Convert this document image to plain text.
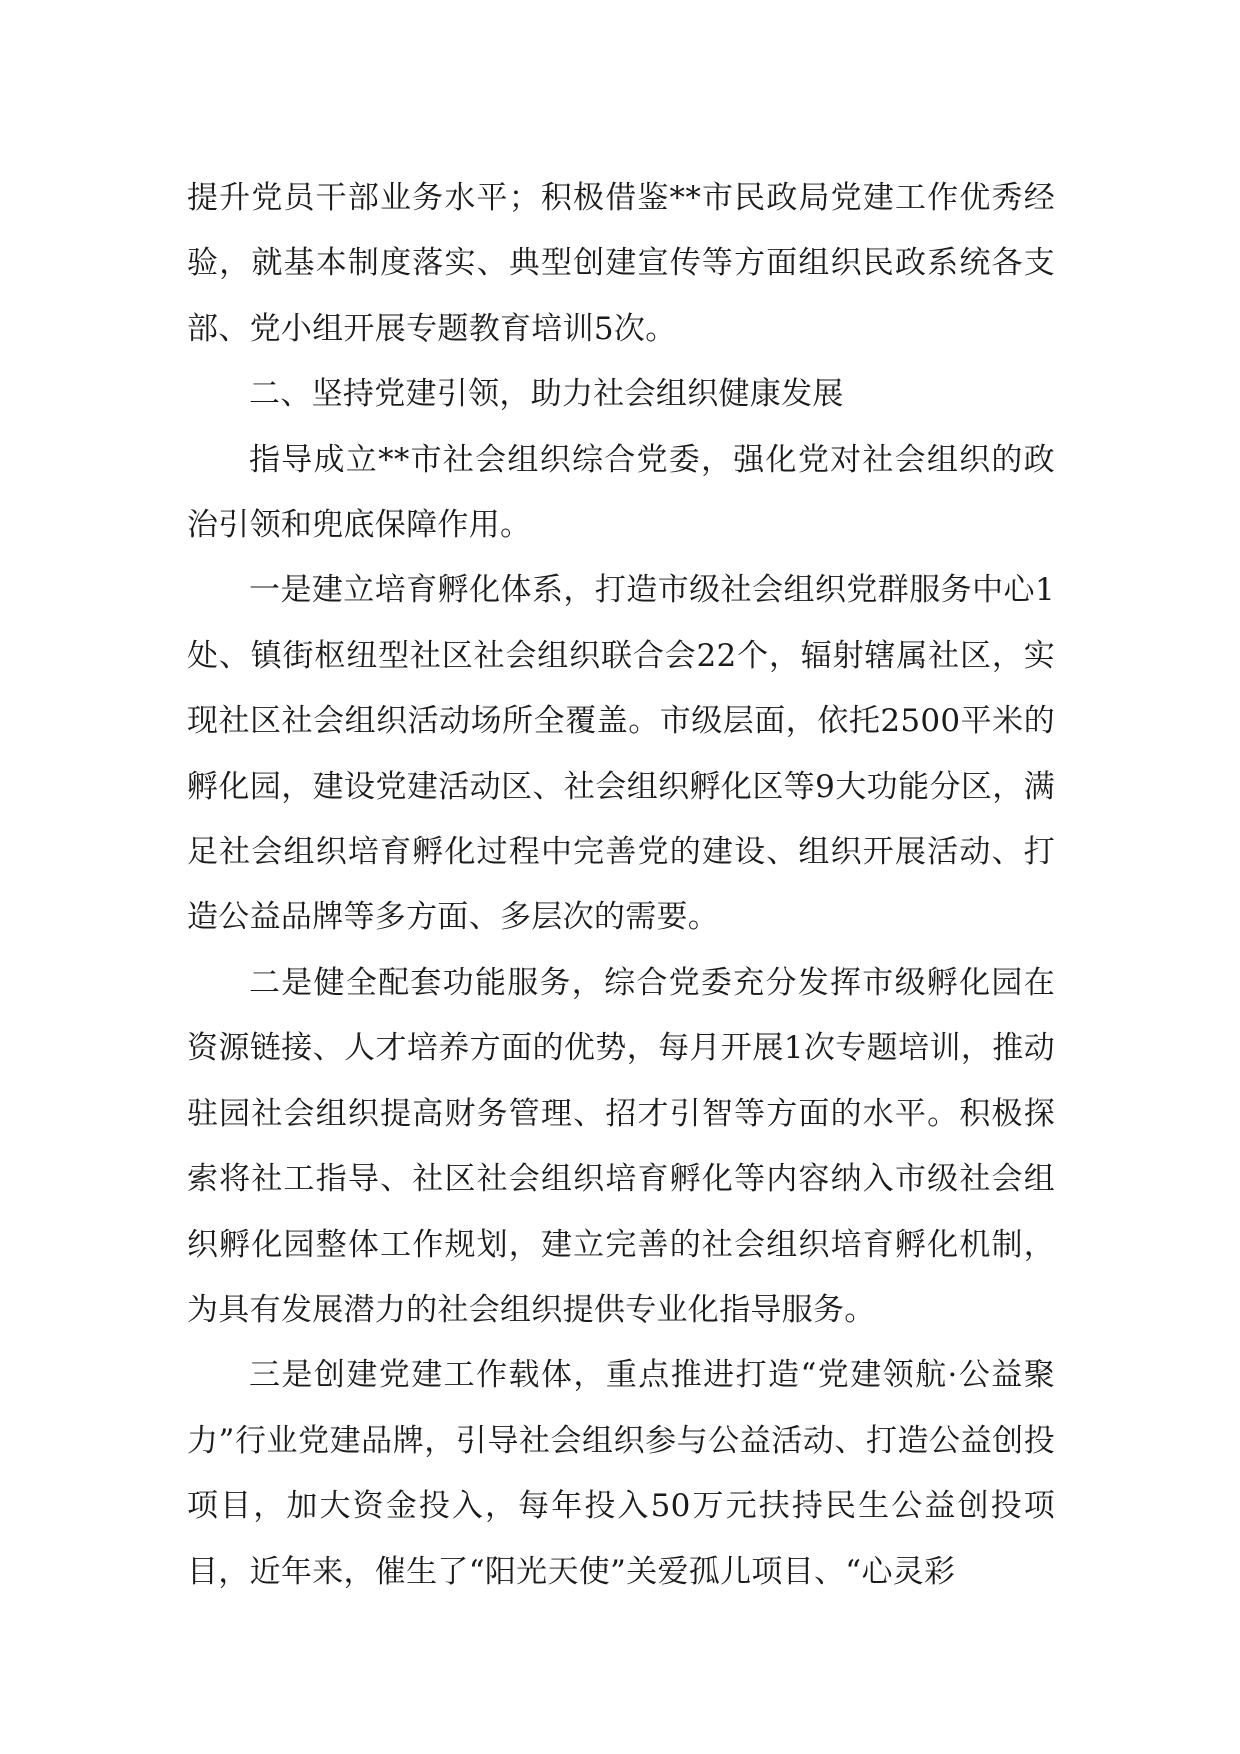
提升党员干部业务水平；积极借鉴**市民政局党建工作优秀经验，就基本制度落实、典型创建宣传等方面组织民政系统各支部、党小组开展专题教育培训5次。

二、坚持党建引领，助力社会组织健康发展

指导成立**市社会组织综合党委，强化党对社会组织的政治引领和兜底保障作用。

一是建立培育孵化体系，打造市级社会组织党群服务中心1处、镇街枢纽型社区社会组织联合会22个，辐射辖属社区，实现社区社会组织活动场所全覆盖。市级层面，依托2500平米的孵化园，建设党建活动区、社会组织孵化区等9大功能分区，满足社会组织培育孵化过程中完善党的建设、组织开展活动、打造公益品牌等多方面、多层次的需要。

二是健全配套功能服务，综合党委充分发挥市级孵化园在资源链接、人才培养方面的优势，每月开展1次专题培训，推动驻园社会组织提高财务管理、招才引智等方面的水平。积极探索将社工指导、社区社会组织培育孵化等内容纳入市级社会组织孵化园整体工作规划，建立完善的社会组织培育孵化机制，为具有发展潜力的社会组织提供专业化指导服务。

三是创建党建工作载体，重点推进打造“党建领航·公益聚力”行业党建品牌，引导社会组织参与公益活动、打造公益创投项目，加大资金投入，每年投入50万元扶持民生公益创投项目，近年来，催生了“阳光天使”关爱孤儿项目、“心灵彩
